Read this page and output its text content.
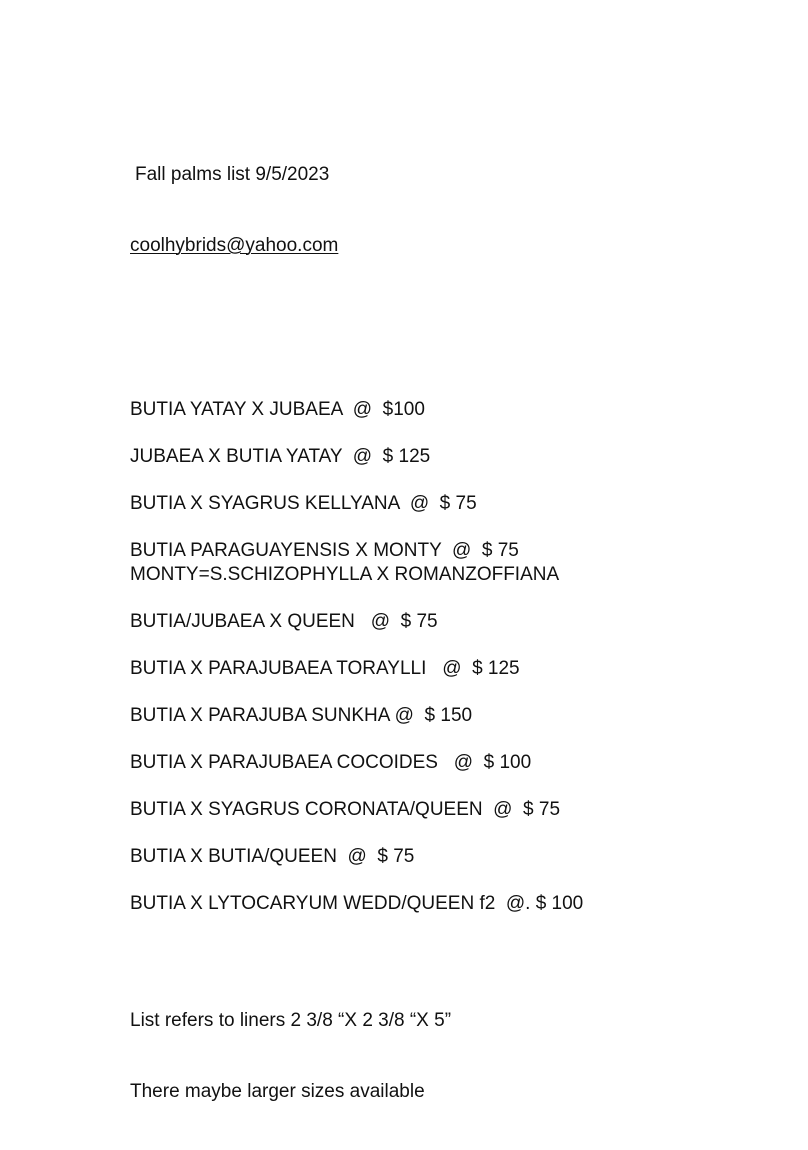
Fall palms list 9/5/2023

coolhybrids@yahoo.com

BUTIA YATAY X JUBAEA  @  $100
JUBAEA X BUTIA YATAY  @  $ 125
BUTIA X SYAGRUS KELLYANA  @  $ 75
BUTIA PARAGUAYENSIS X MONTY  @  $ 75
MONTY=S.SCHIZOPHYLLA X ROMANZOFFIANA
BUTIA/JUBAEA X QUEEN   @  $ 75
BUTIA X PARAJUBAEA TORAYLLI   @  $ 125
BUTIA X PARAJUBA SUNKHA @  $ 150
BUTIA X PARAJUBAEA COCOIDES   @  $ 100
BUTIA X SYAGRUS CORONATA/QUEEN  @  $ 75
BUTIA X BUTIA/QUEEN  @  $ 75
BUTIA X LYTOCARYUM WEDD/QUEEN f2  @. $ 100

List refers to liners 2 3/8 “X 2 3/8 “X 5”

There maybe larger sizes available
